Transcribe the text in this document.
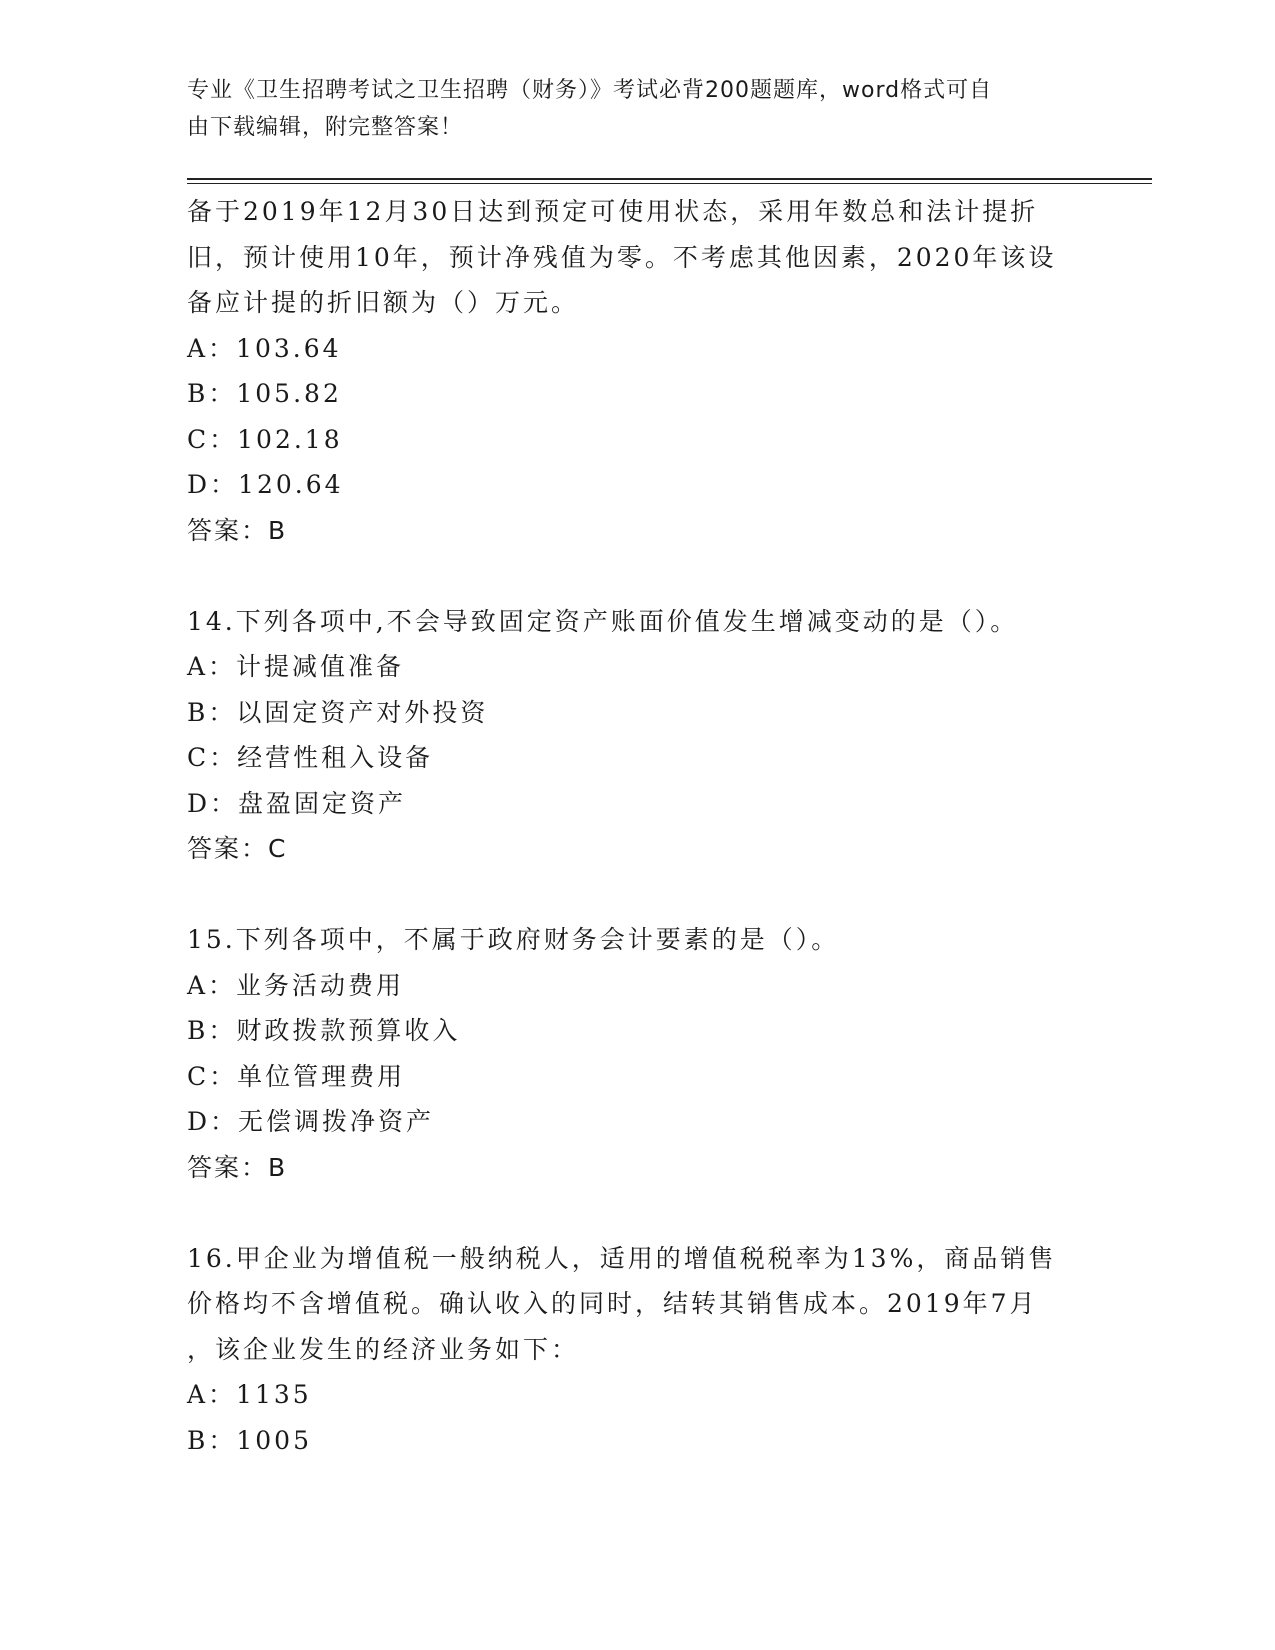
专业《卫生招聘考试之卫生招聘（财务）》考试必背200题题库，word格式可自
由下载编辑，附完整答案！
备于2019年12月30日达到预定可使用状态，采用年数总和法计提折
旧，预计使用10年，预计净残值为零。不考虑其他因素，2020年该设
备应计提的折旧额为（）万元。
A：103.64
B：105.82
C：102.18
D：120.64
答案：B
14.下列各项中,不会导致固定资产账面价值发生增减变动的是（）。
A：计提减值准备
B：以固定资产对外投资
C：经营性租入设备
D：盘盈固定资产
答案：C
15.下列各项中，不属于政府财务会计要素的是（）。
A：业务活动费用
B：财政拨款预算收入
C：单位管理费用
D：无偿调拨净资产
答案：B
16.甲企业为增值税一般纳税人，适用的增值税税率为13%，商品销售
价格均不含增值税。确认收入的同时，结转其销售成本。2019年7月
，该企业发生的经济业务如下：
A：1135
B：1005
